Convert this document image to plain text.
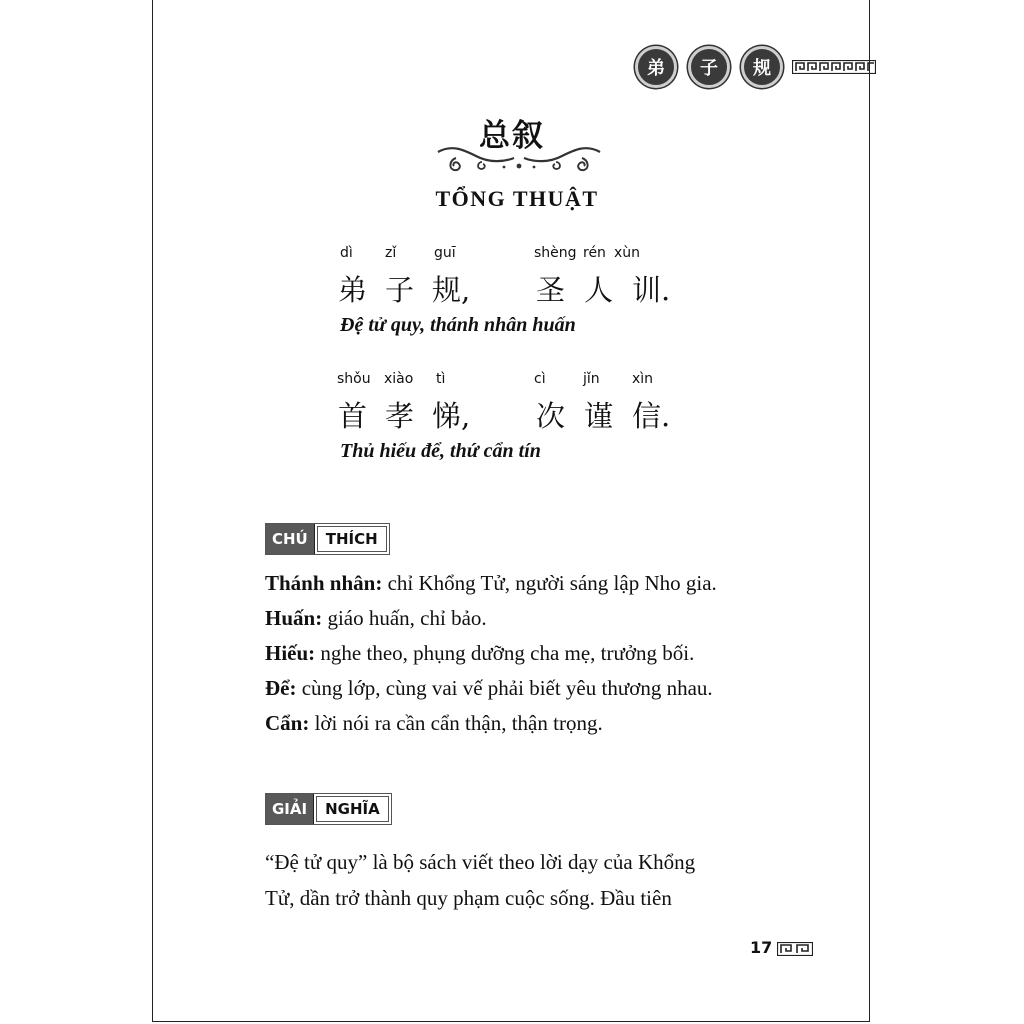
弟	子	规
总叙
TỔNG THUẬT
dì zǐ	guī	shèng rén xùn
弟 子 规, 圣 人 训.
Đệ tử quy, thánh nhân huấn
shǒu xiào tì	cì	jǐn xìn
首 孝 悌, 次 谨 信.
Thủ hiếu để, thứ cẩn tín
CHÚ	THÍCH
Thánh nhân: chỉ Khổng Tử, người sáng lập Nho gia.
Huấn: giáo huấn, chỉ bảo.
Hiếu: nghe theo, phụng dưỡng cha mẹ, trưởng bối.
Để: cùng lớp, cùng vai vế phải biết yêu thương nhau.
Cẩn: lời nói ra cần cẩn thận, thận trọng.
GIẢI	NGHĨA
“Đệ tử quy” là bộ sách viết theo lời dạy của Khổng
Tử, dần trở thành quy phạm cuộc sống. Đầu tiên
17
